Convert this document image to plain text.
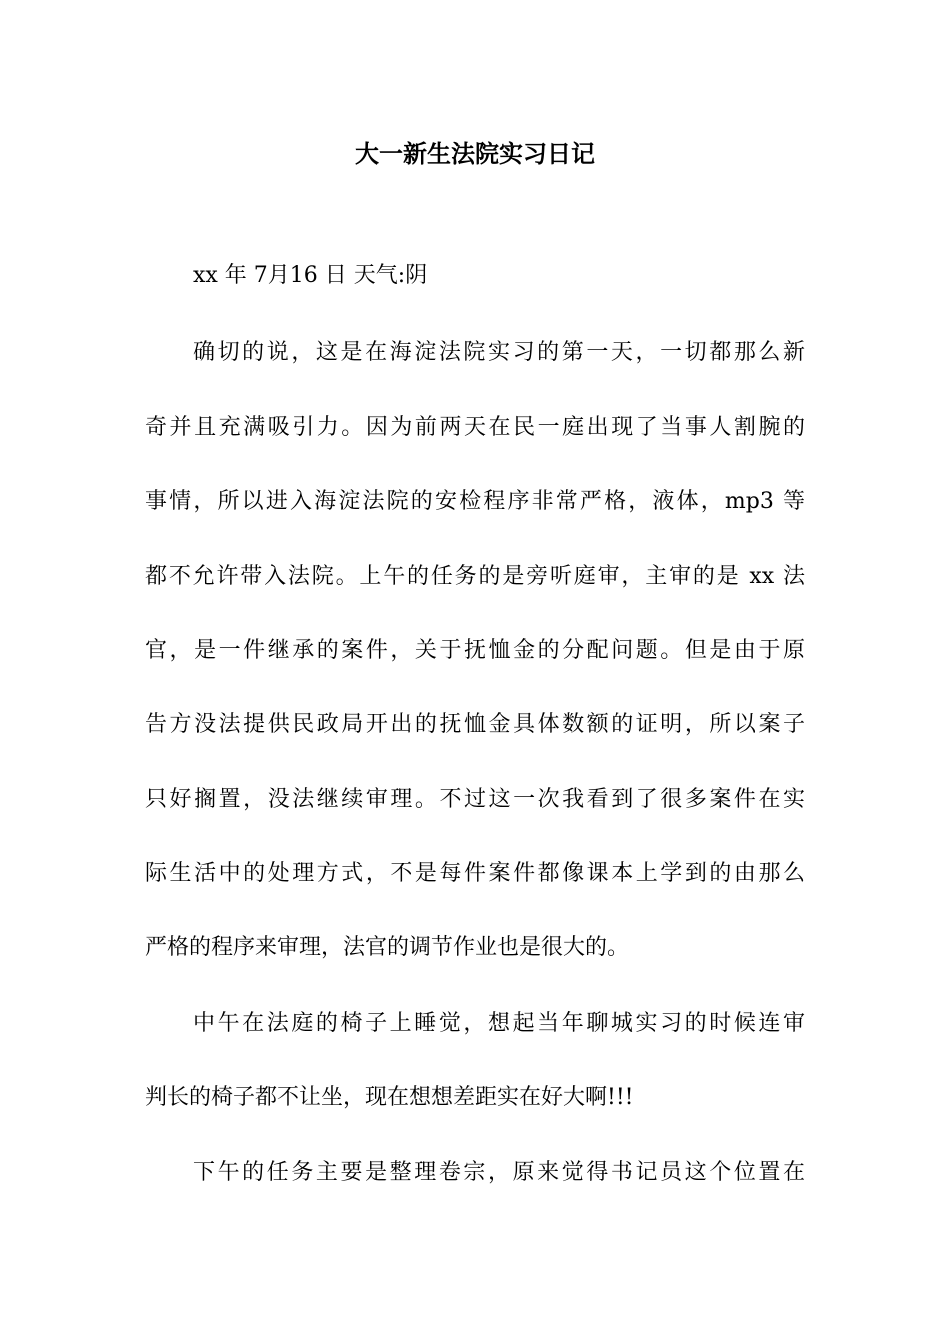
大一新生法院实习日记

xx 年 7月16 日 天气:阴

确切的说，这是在海淀法院实习的第一天，一切都那么新

奇并且充满吸引力。因为前两天在民一庭出现了当事人割腕的

事情，所以进入海淀法院的安检程序非常严格，液体，mp3 等

都不允许带入法院。上午的任务的是旁听庭审，主审的是 xx 法

官，是一件继承的案件，关于抚恤金的分配问题。但是由于原

告方没法提供民政局开出的抚恤金具体数额的证明，所以案子

只好搁置，没法继续审理。不过这一次我看到了很多案件在实

际生活中的处理方式，不是每件案件都像课本上学到的由那么

严格的程序来审理，法官的调节作业也是很大的。

中午在法庭的椅子上睡觉，想起当年聊城实习的时候连审

判长的椅子都不让坐，现在想想差距实在好大啊!!!

下午的任务主要是整理卷宗，原来觉得书记员这个位置在
